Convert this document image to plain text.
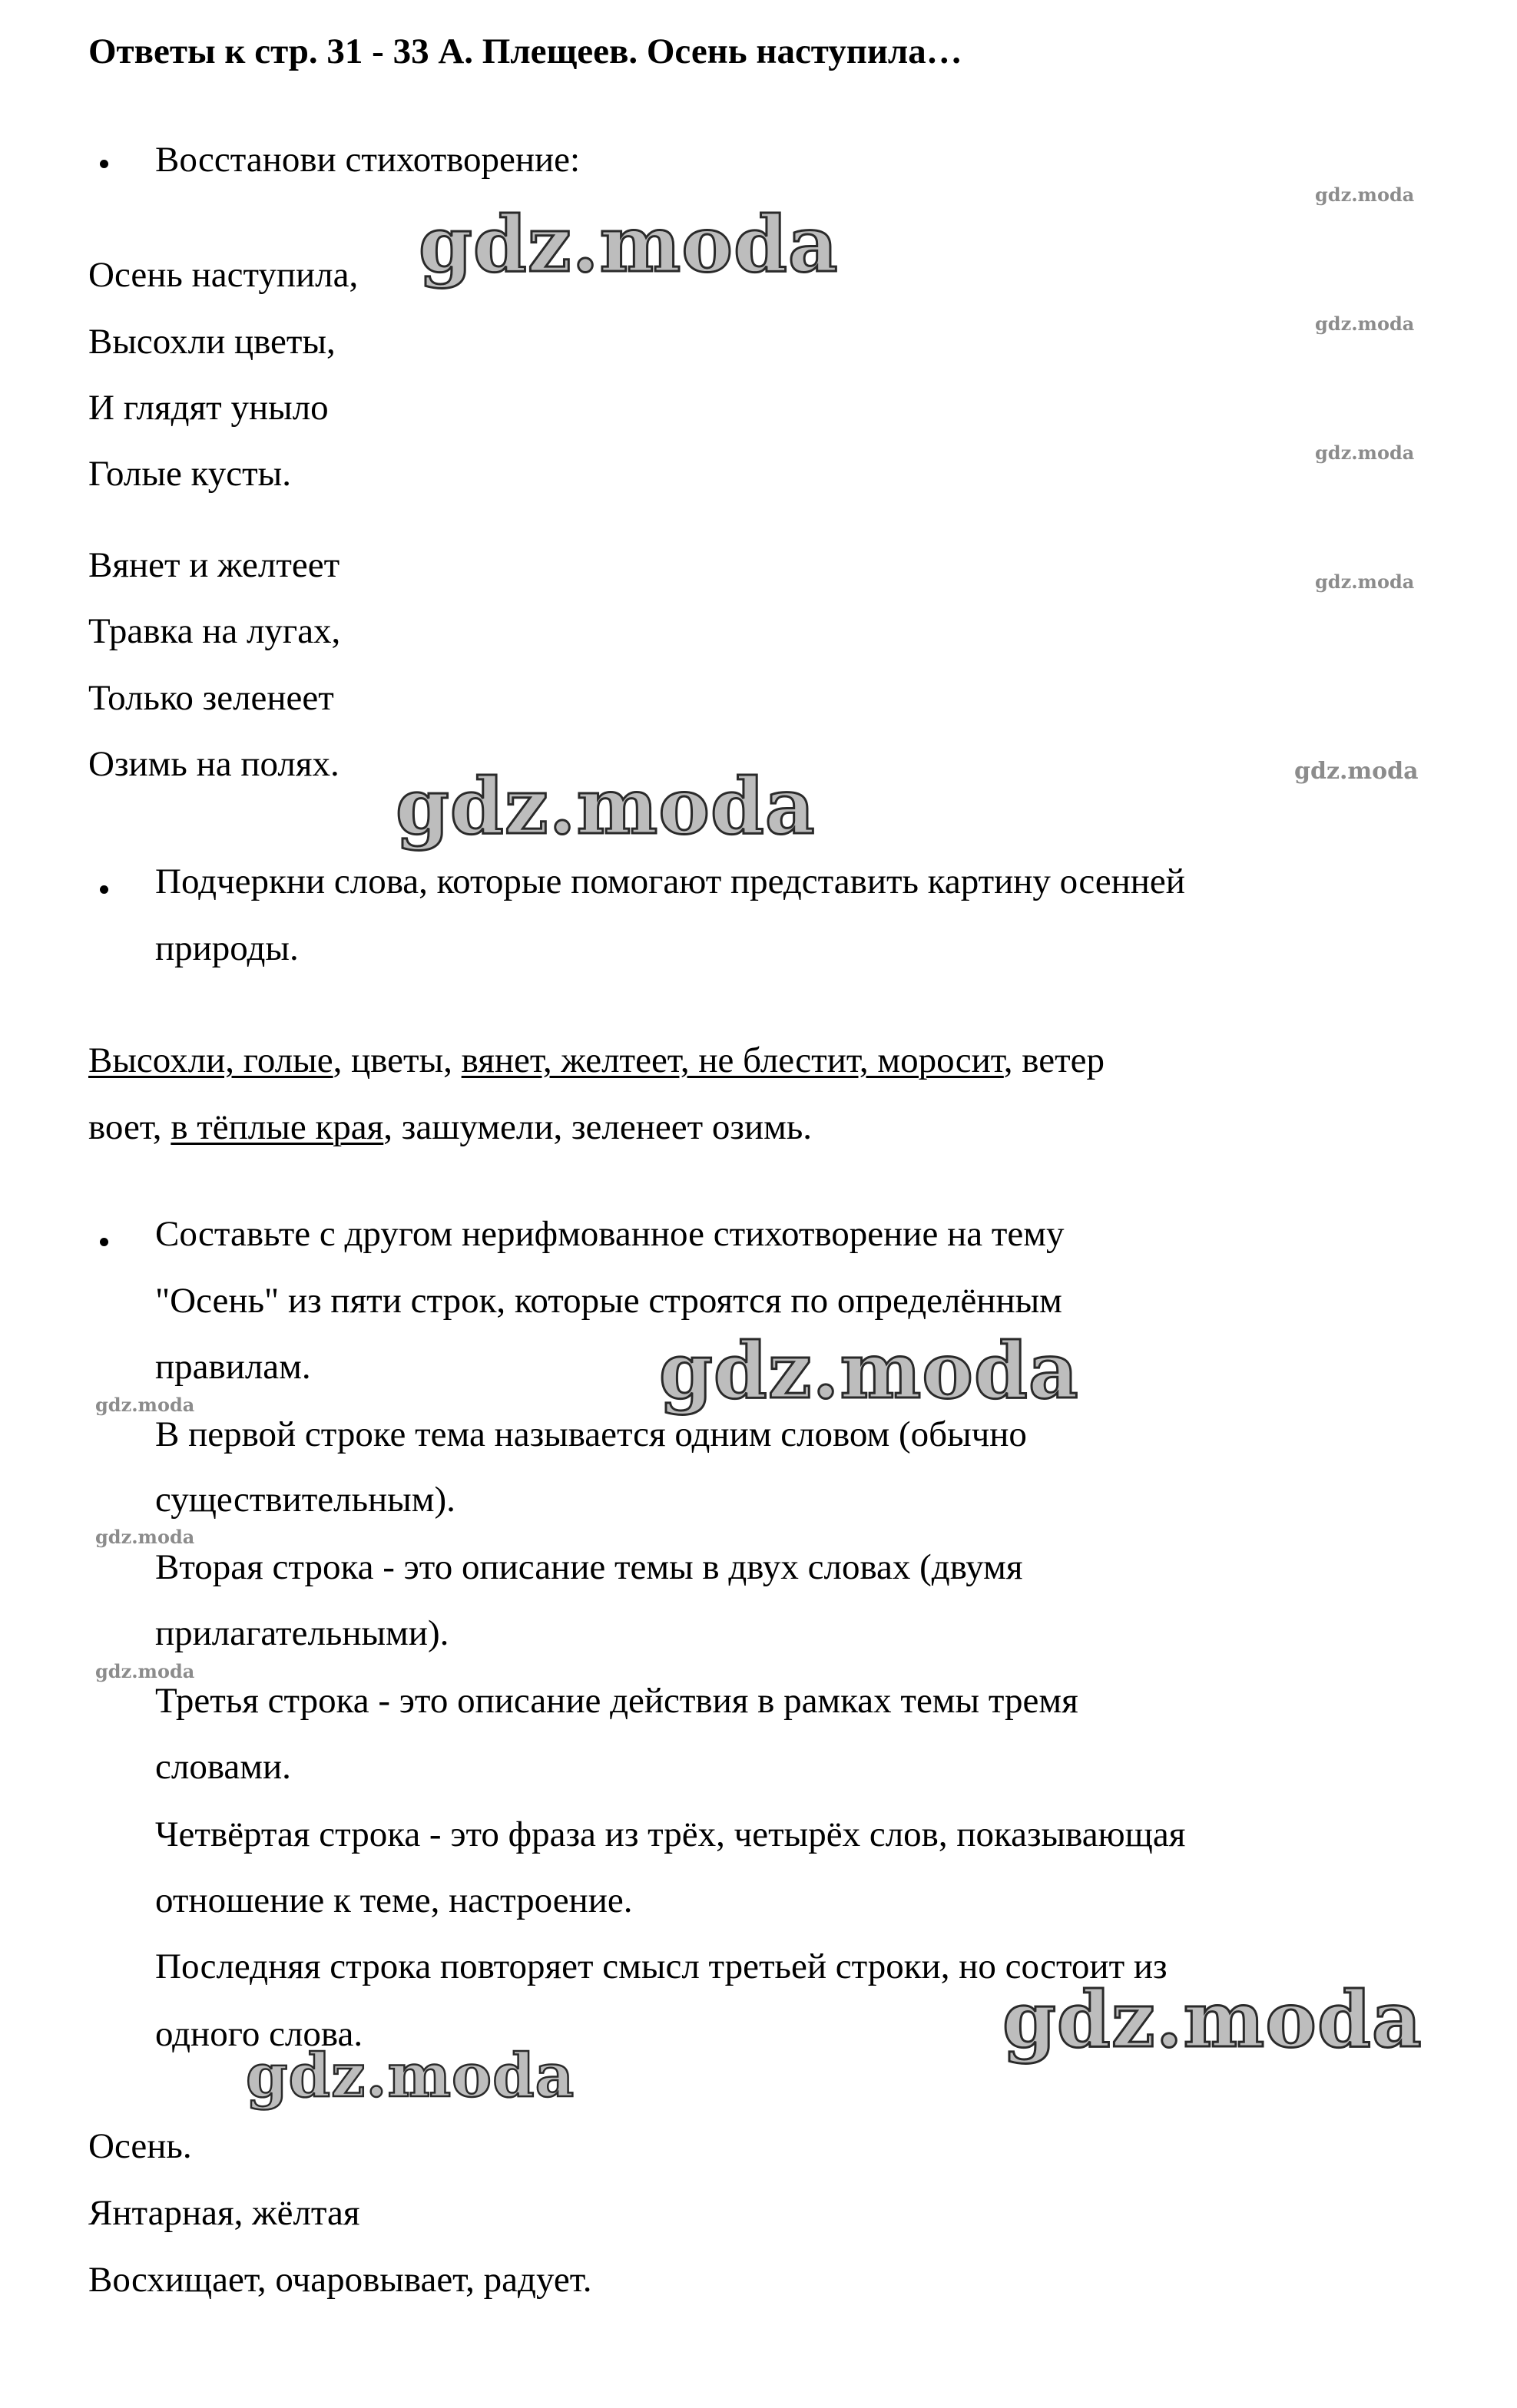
Ответы к стр. 31 - 33 А. Плещеев. Осень наступила…
Восстанови стихотворение:
Осень наступила,
Высохли цветы,
И глядят уныло
Голые кусты.
Вянет и желтеет
Травка на лугах,
Только зеленеет
Озимь на полях.
Подчеркни слова, которые помогают представить картину осенней
природы.
Высохли, голые, цветы, вянет, желтеет, не блестит, моросит, ветер
воет, в тёплые края, зашумели, зеленеет озимь.
Составьте с другом нерифмованное стихотворение на тему
"Осень" из пяти строк, которые строятся по определённым
правилам.
В первой строке тема называется одним словом (обычно
существительным).
Вторая строка - это описание темы в двух словах (двумя
прилагательными).
Третья строка - это описание действия в рамках темы тремя
словами.
Четвёртая строка - это фраза из трёх, четырёх слов, показывающая
отношение к теме, настроение.
Последняя строка повторяет смысл третьей строки, но состоит из
одного слова.
Осень.
Янтарная, жёлтая
Восхищает, очаровывает, радует.
gdz.moda
gdz.moda
gdz.moda
gdz.moda
gdz.moda
gdz.moda
gdz.moda
gdz.moda
gdz.moda
gdz.moda
gdz.moda
gdz.moda
gdz.moda
